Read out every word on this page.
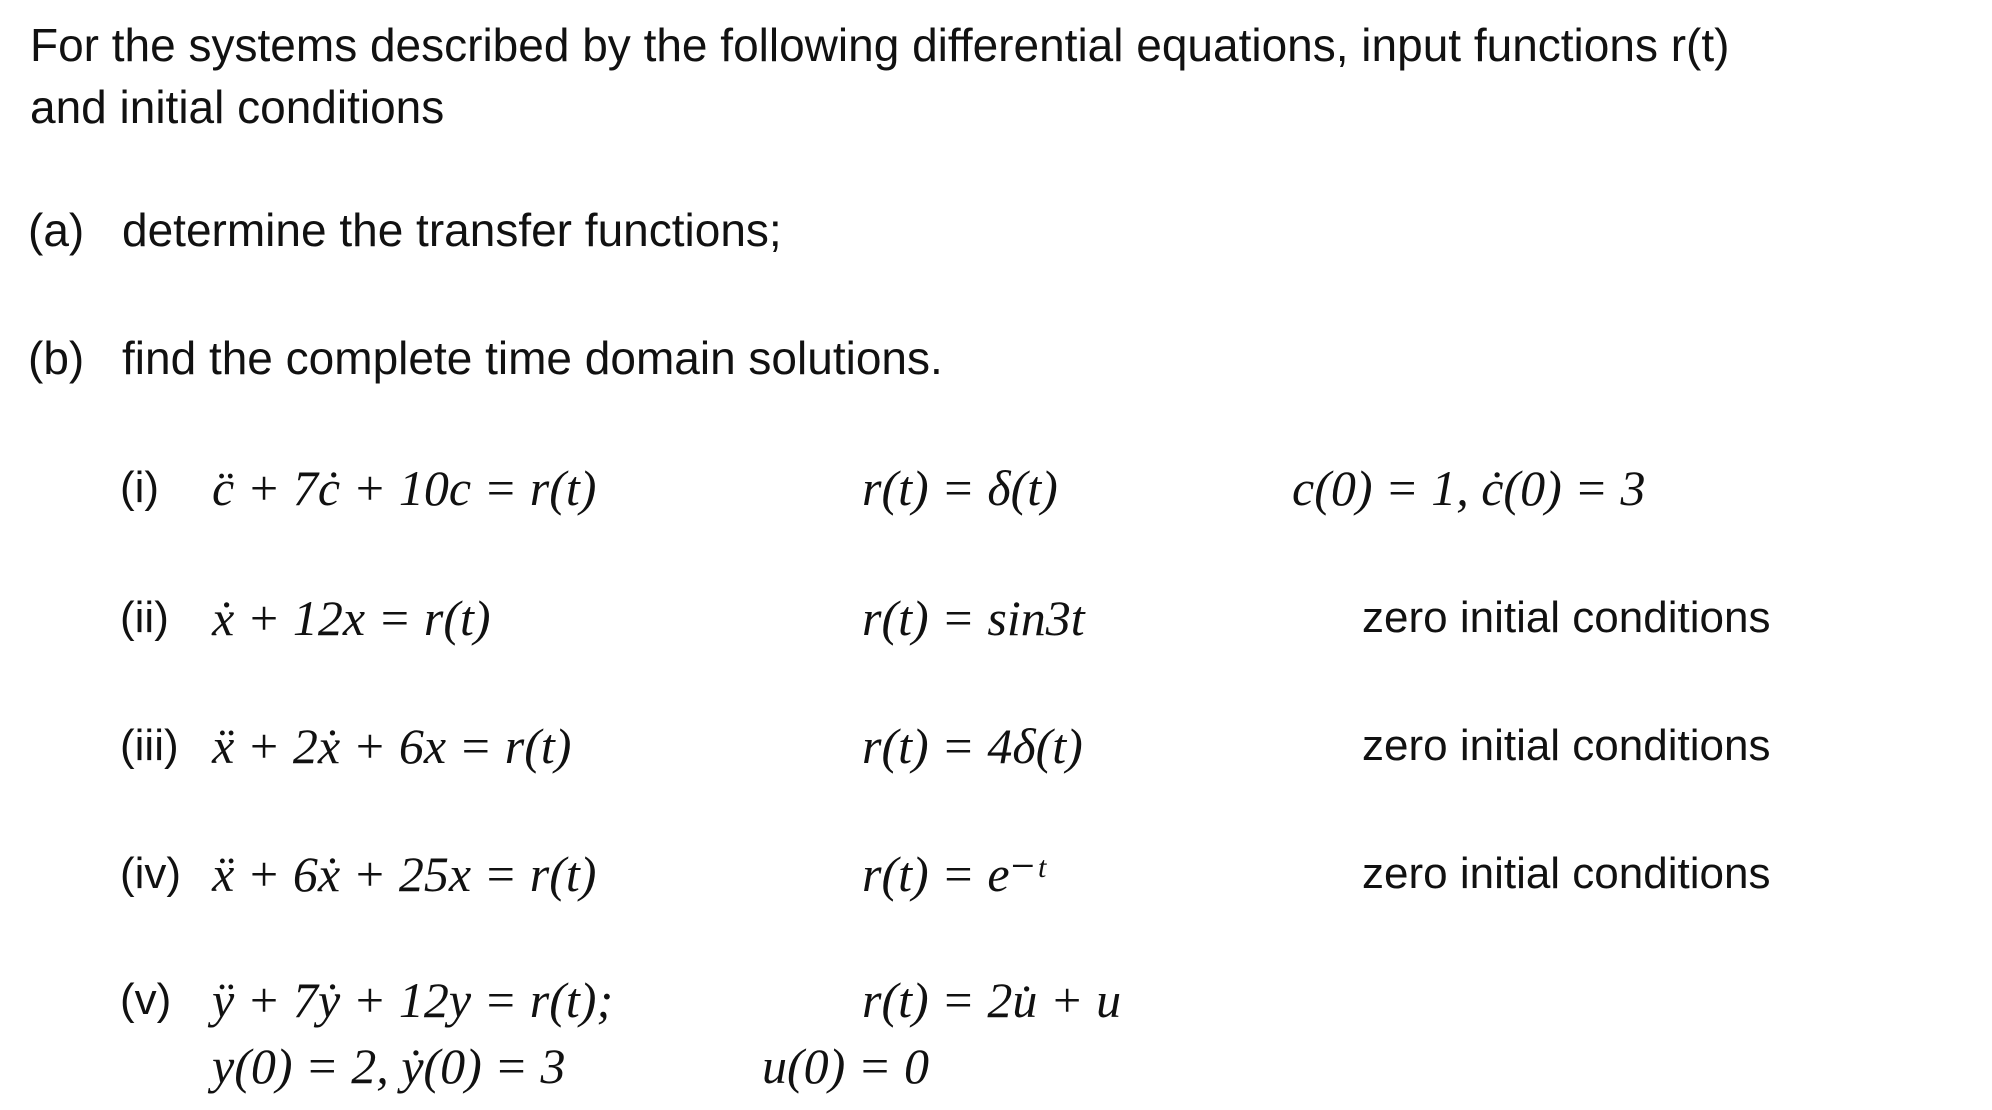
For the systems described by the following differential equations, input functions r(t)
and initial conditions
(a) determine the transfer functions;
(b) find the complete time domain solutions.
(i) c̈ + 7ċ + 10c = r(t)	r(t) = δ(t)	c(0) = 1, ċ(0) = 3
(ii) ẋ + 12x = r(t)	r(t) = sin3t	zero initial conditions
(iii) ẍ + 2ẋ + 6x = r(t)	r(t) = 4δ(t)	zero initial conditions
(iv) ẍ + 6ẋ + 25x = r(t)	r(t) = e⁻ᵗ	zero initial conditions
(v) ÿ + 7ẏ + 12y = r(t);	r(t) = 2u̇ + u
y(0) = 2, ẏ(0) = 3	u(0) = 0
